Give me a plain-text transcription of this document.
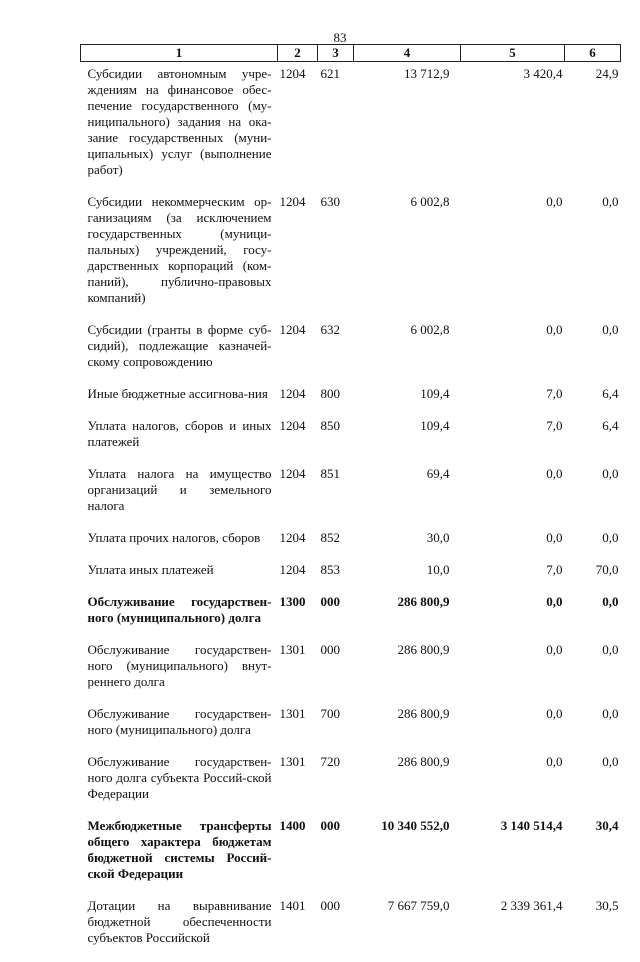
83
1	2	3	4	5	6
Субсидии автономным учре-ждениям на финансовое обес-печение государственного (му-ниципального) задания на ока-зание государственных (муни-ципальных) услуг (выполнение работ)	1204	621	13 712,9	3 420,4	24,9
Субсидии некоммерческим ор-ганизациям (за исключением государственных (муници-пальных) учреждений, госу-дарственных корпораций (ком-паний), публично-правовых компаний)	1204	630	6 002,8	0,0	0,0
Субсидии (гранты в форме суб-сидий), подлежащие казначей-скому сопровождению	1204	632	6 002,8	0,0	0,0
Иные бюджетные ассигнова-ния	1204	800	109,4	7,0	6,4
Уплата налогов, сборов и иных платежей	1204	850	109,4	7,0	6,4
Уплата налога на имущество организаций и земельного налога	1204	851	69,4	0,0	0,0
Уплата прочих налогов, сборов	1204	852	30,0	0,0	0,0
Уплата иных платежей	1204	853	10,0	7,0	70,0
Обслуживание государствен-ного (муниципального) долга	1300	000	286 800,9	0,0	0,0
Обслуживание государствен-ного (муниципального) внут-реннего долга	1301	000	286 800,9	0,0	0,0
Обслуживание государствен-ного (муниципального) долга	1301	700	286 800,9	0,0	0,0
Обслуживание государствен-ного долга субъекта Россий-ской Федерации	1301	720	286 800,9	0,0	0,0
Межбюджетные трансферты общего характера бюджетам бюджетной системы Россий-ской Федерации	1400	000	10 340 552,0	3 140 514,4	30,4
Дотации на выравнивание бюджетной обеспеченности субъектов Российской	1401	000	7 667 759,0	2 339 361,4	30,5
